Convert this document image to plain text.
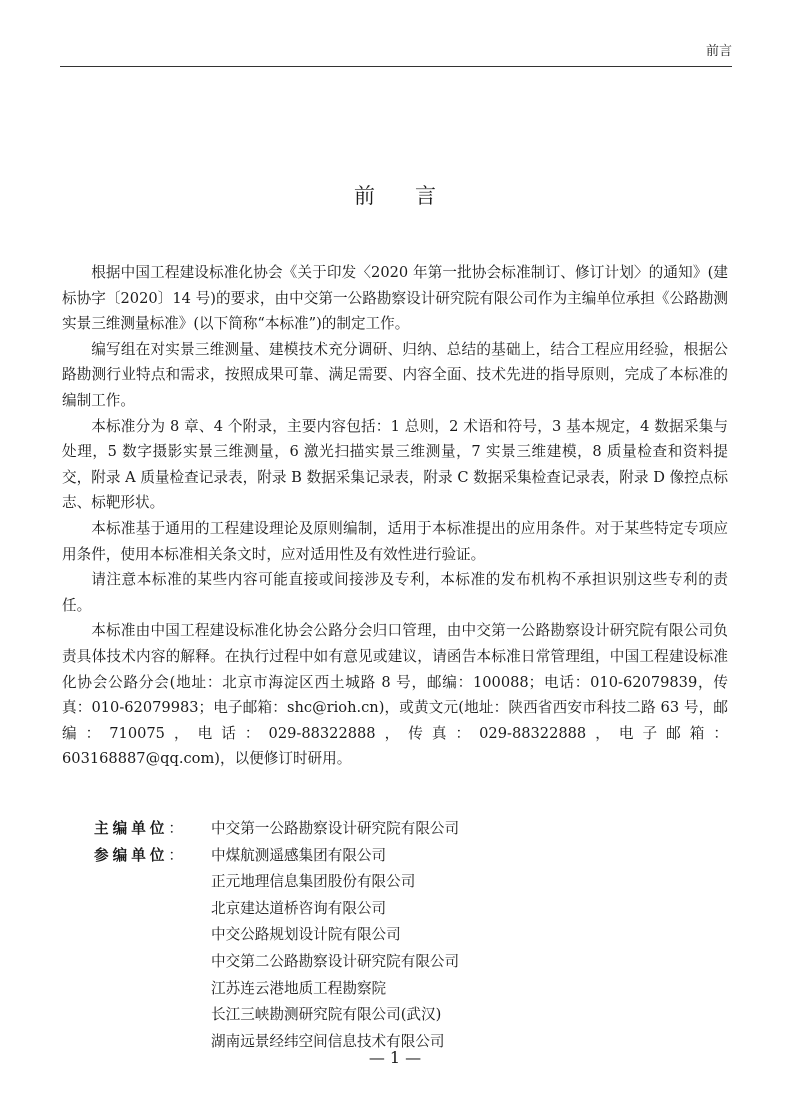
前言
前言

根据中国工程建设标准化协会《关于印发〈2020 年第一批协会标准制订、修订计划〉的通知》(建标协字〔2020〕14 号)的要求，由中交第一公路勘察设计研究院有限公司作为主编单位承担《公路勘测实景三维测量标准》(以下简称“本标准”)的制定工作。

编写组在对实景三维测量、建模技术充分调研、归纳、总结的基础上，结合工程应用经验，根据公路勘测行业特点和需求，按照成果可靠、满足需要、内容全面、技术先进的指导原则，完成了本标准的编制工作。

本标准分为 8 章、4 个附录，主要内容包括：1 总则，2 术语和符号，3 基本规定，4 数据采集与处理，5 数字摄影实景三维测量，6 激光扫描实景三维测量，7 实景三维建模，8 质量检查和资料提交，附录 A 质量检查记录表，附录 B 数据采集记录表，附录 C 数据采集检查记录表，附录 D 像控点标志、标靶形状。

本标准基于通用的工程建设理论及原则编制，适用于本标准提出的应用条件。对于某些特定专项应用条件，使用本标准相关条文时，应对适用性及有效性进行验证。

请注意本标准的某些内容可能直接或间接涉及专利，本标准的发布机构不承担识别这些专利的责任。

本标准由中国工程建设标准化协会公路分会归口管理，由中交第一公路勘察设计研究院有限公司负责具体技术内容的解释。在执行过程中如有意见或建议，请函告本标准日常管理组，中国工程建设标准化协会公路分会(地址：北京市海淀区西土城路 8 号，邮编：100088；电话：010-62079839，传真：010-62079983；电子邮箱：shc@rioh.cn)，或黄文元(地址：陕西省西安市科技二路 63 号，邮编：710075，电话：029-88322888，传真：029-88322888，电子邮箱：603168887@qq.com)，以便修订时研用。

主编单位：	中交第一公路勘察设计研究院有限公司
参编单位：	中煤航测遥感集团有限公司
正元地理信息集团股份有限公司
北京建达道桥咨询有限公司
中交公路规划设计院有限公司
中交第二公路勘察设计研究院有限公司
江苏连云港地质工程勘察院
长江三峡勘测研究院有限公司(武汉)
湖南远景经纬空间信息技术有限公司
— 1 —
